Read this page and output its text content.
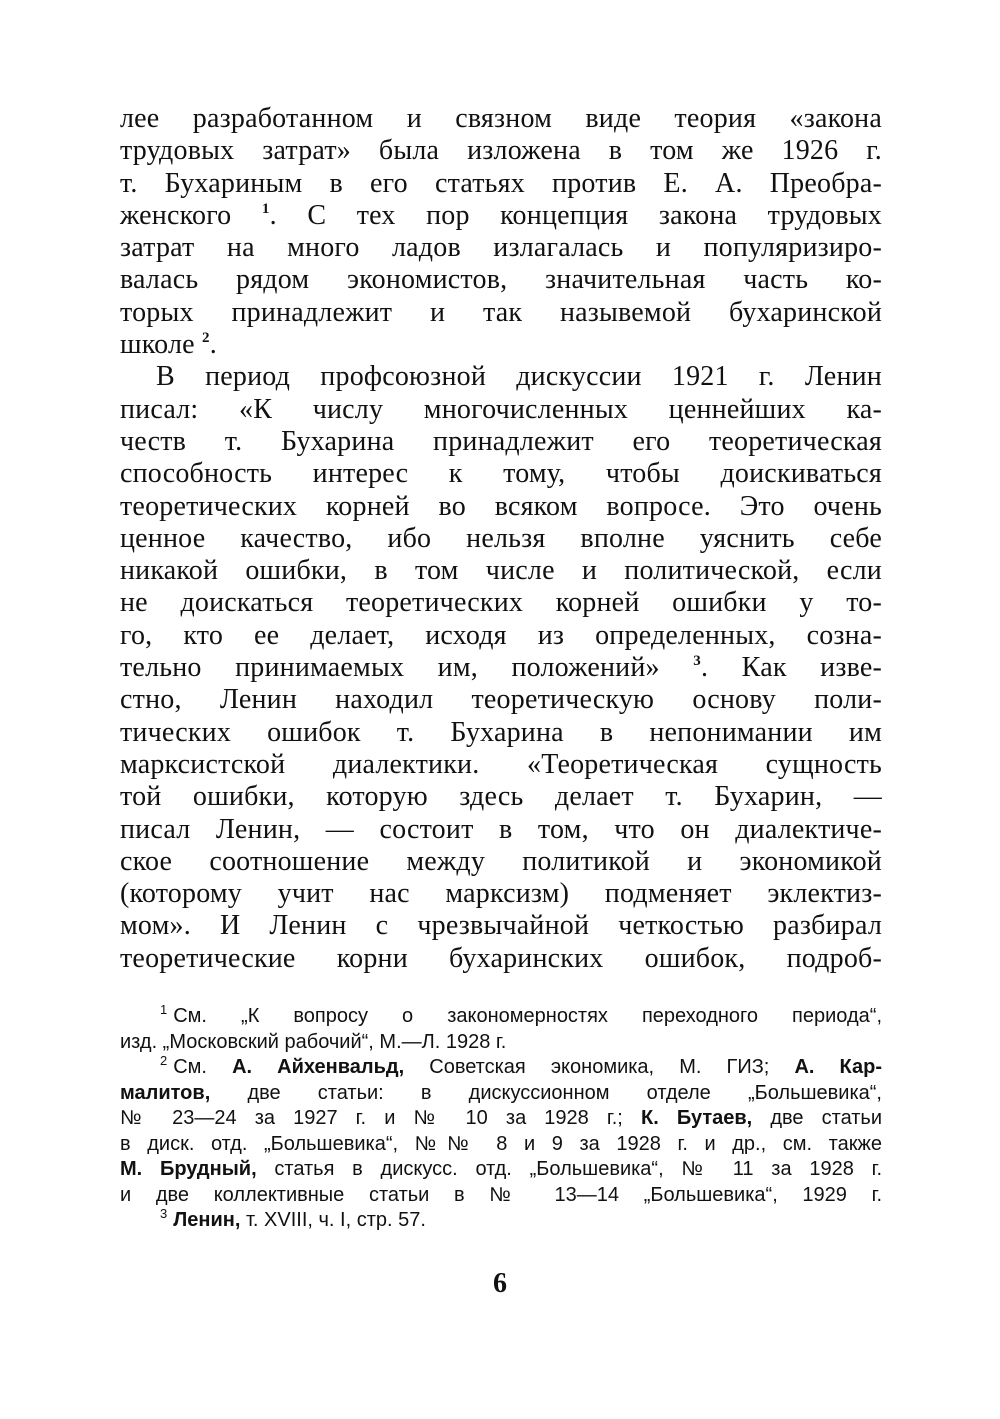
лее разработанном и связном виде теория «закона
трудовых затрат» была изложена в том же 1926 г.
т. Бухариным в его статьях против Е. А. Преобра-
женского $^1$. С тех пор концепция закона трудовых
затрат на много ладов излагалась и популяризиро-
валась рядом экономистов, значительная часть ко-
торых принадлежит и так назывемой бухаринской
школе $^2$.
В период профсоюзной дискуссии 1921 г. Ленин
писал: «К числу многочисленных ценнейших ка-
честв т. Бухарина принадлежит его теоретическая
способность интерес к тому, чтобы доискиваться
теоретических корней во всяком вопросе. Это очень
ценное качество, ибо нельзя вполне уяснить себе
никакой ошибки, в том числе и политической, если
не доискаться теоретических корней ошибки у то-
го, кто ее делает, исходя из определенных, созна-
тельно принимаемых им, положений» $^3$. Как изве-
стно, Ленин находил теоретическую основу поли-
тических ошибок т. Бухарина в непонимании им
марксистской диалектики. «Теоретическая сущность
той ошибки, которую здесь делает т. Бухарин, —
писал Ленин, — состоит в том, что он диалектиче-
ское соотношение между политикой и экономикой
(которому учит нас марксизм) подменяет эклектиз-
мом». И Ленин с чрезвычайной четкостью разбирал
теоретические корни бухаринских ошибок, подроб-
$^1$ См. „К вопросу о закономерностях переходного периода“,
изд. „Московский рабочий“, М.—Л. 1928 г.
$^2$ См. А. Айхенвальд, Советская экономика, М. ГИЗ; А. Кар-
малитов, две статьи: в дискуссионном отделе „Большевика“,
№ 23—24 за 1927 г. и № 10 за 1928 г.; К. Бутаев, две статьи
в диск. отд. „Большевика“, №№ 8 и 9 за 1928 г. и др., см. также
М. Брудный, статья в дискусс. отд. „Большевика“, № 11 за 1928 г.
и две коллективные статьи в № 13—14 „Большевика“, 1929 г.
$^3$ Ленин, т. XVIII, ч. I, стр. 57.
6
